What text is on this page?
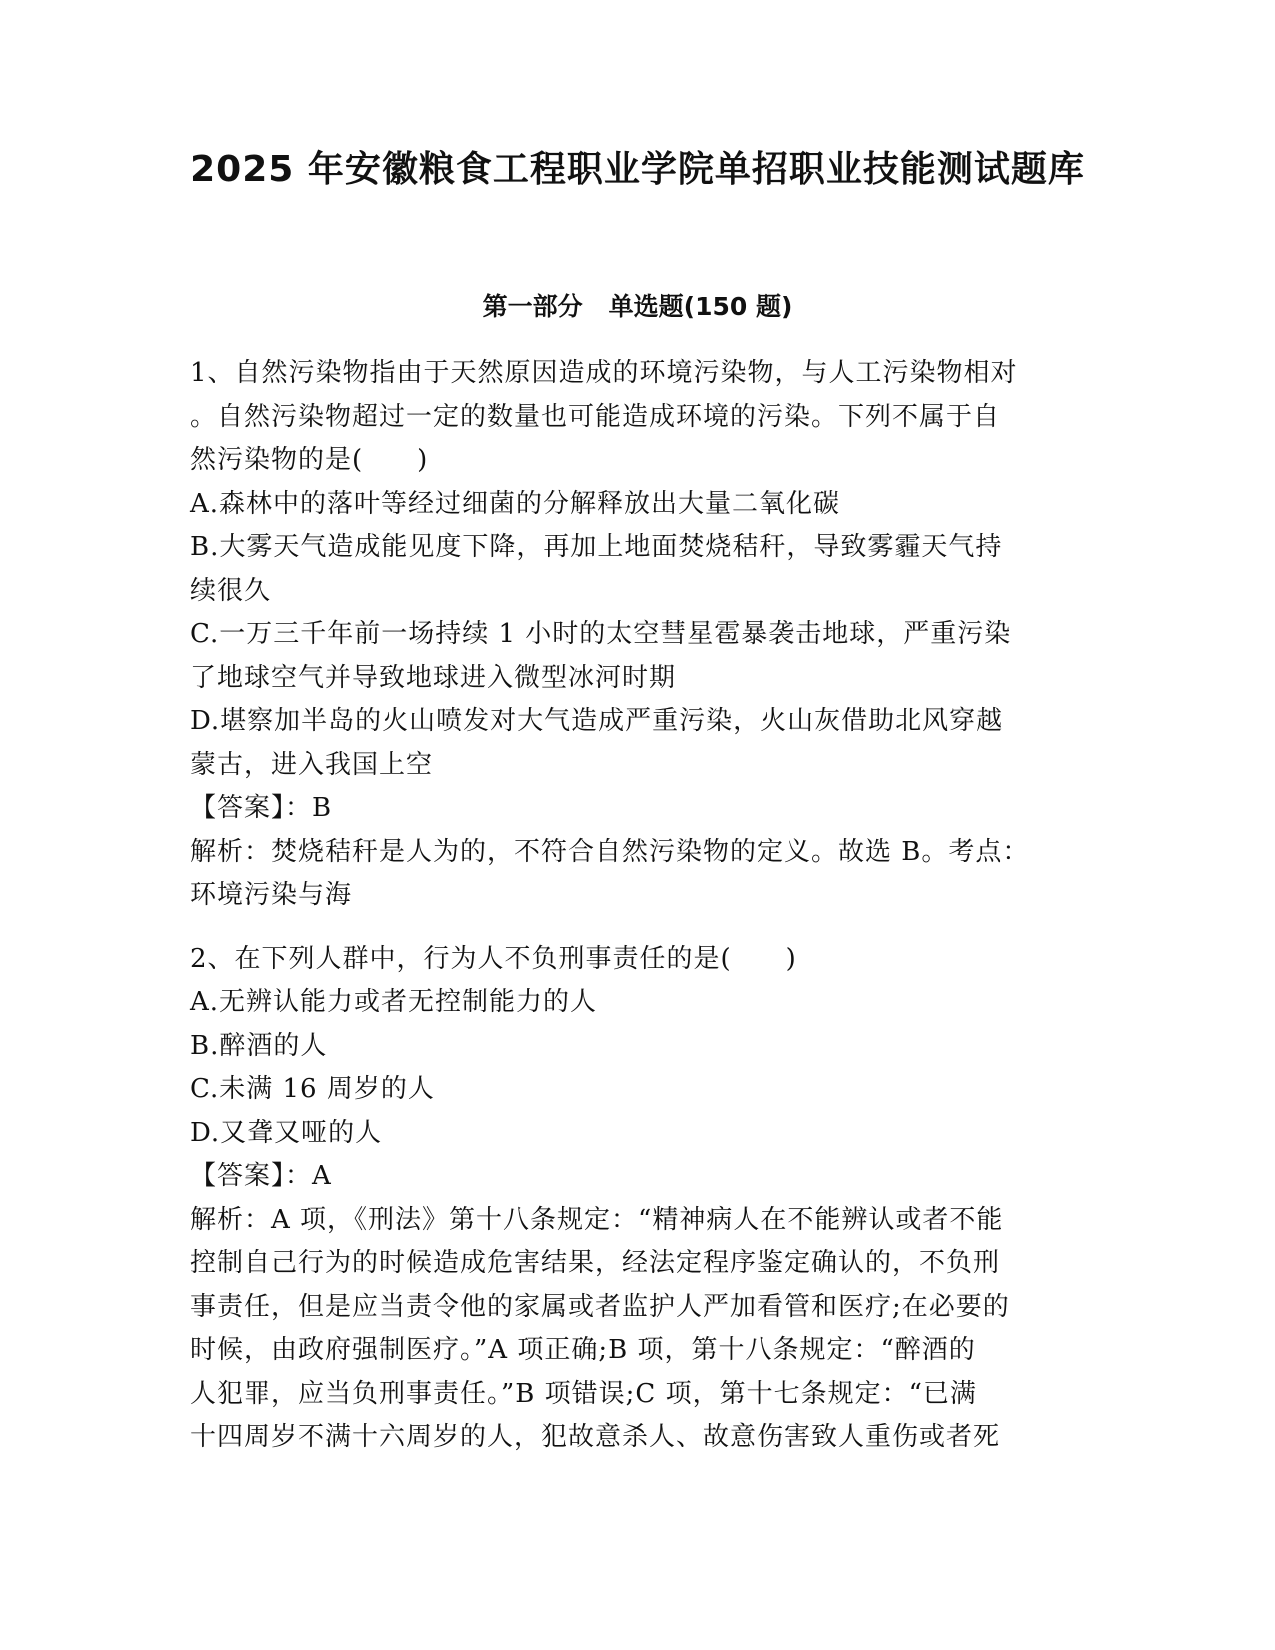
2025 年安徽粮食工程职业学院单招职业技能测试题库
第一部分   单选题(150 题)
1、自然污染物指由于天然原因造成的环境污染物，与人工污染物相对
。自然污染物超过一定的数量也可能造成环境的污染。下列不属于自
然污染物的是(　　)
A.森林中的落叶等经过细菌的分解释放出大量二氧化碳
B.大雾天气造成能见度下降，再加上地面焚烧秸秆，导致雾霾天气持
续很久
C.一万三千年前一场持续 1 小时的太空彗星雹暴袭击地球，严重污染
了地球空气并导致地球进入微型冰河时期
D.堪察加半岛的火山喷发对大气造成严重污染，火山灰借助北风穿越
蒙古，进入我国上空
【答案】：B
解析：焚烧秸秆是人为的，不符合自然污染物的定义。故选 B。考点：
环境污染与海
2、在下列人群中，行为人不负刑事责任的是(　　)
A.无辨认能力或者无控制能力的人
B.醉酒的人
C.未满 16 周岁的人
D.又聋又哑的人
【答案】：A
解析：A 项，《刑法》第十八条规定：“精神病人在不能辨认或者不能
控制自己行为的时候造成危害结果，经法定程序鉴定确认的，不负刑
事责任，但是应当责令他的家属或者监护人严加看管和医疗;在必要的
时候，由政府强制医疗。”A 项正确;B 项，第十八条规定：“醉酒的
人犯罪，应当负刑事责任。”B 项错误;C 项，第十七条规定：“已满
十四周岁不满十六周岁的人，犯故意杀人、故意伤害致人重伤或者死
